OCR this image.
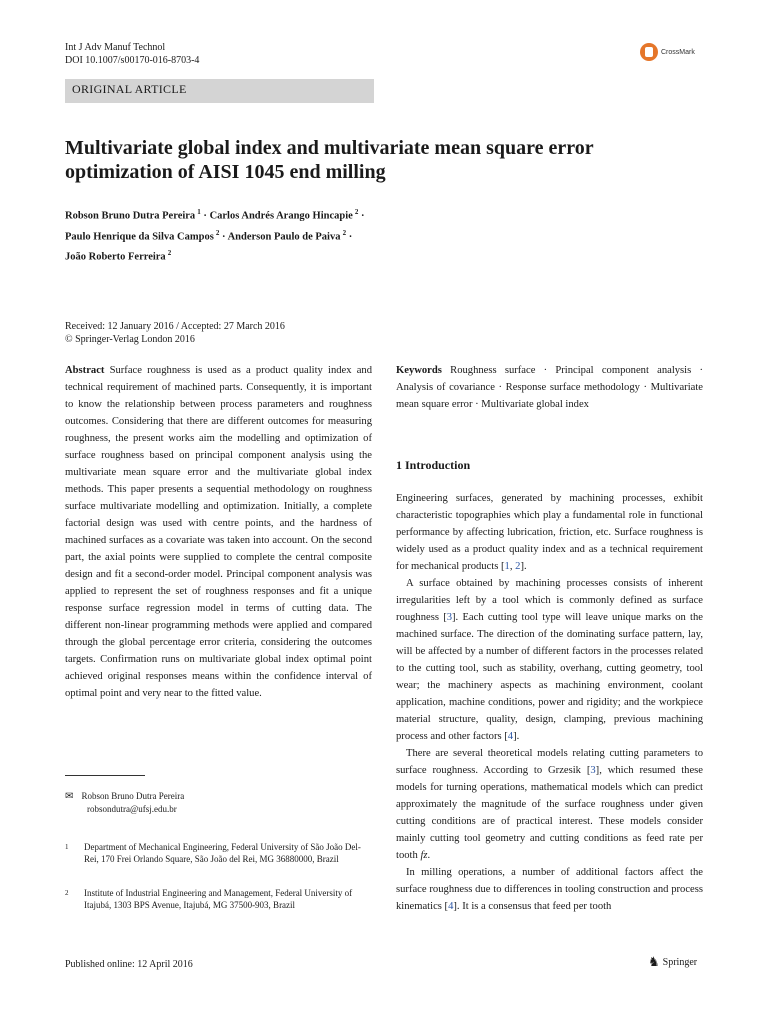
Int J Adv Manuf Technol
DOI 10.1007/s00170-016-8703-4
CrossMark
ORIGINAL ARTICLE
Multivariate global index and multivariate mean square error optimization of AISI 1045 end milling
Robson Bruno Dutra Pereira  $^1$ · Carlos Andrés Arango Hincapie  $^2$ ·
Paulo Henrique da Silva Campos  $^2$ · Anderson Paulo de Paiva  $^2$ ·
João Roberto Ferreira  $^2$
Received: 12 January 2016 / Accepted: 27 March 2016
© Springer-Verlag London 2016

Abstract Surface roughness is used as a product quality index and technical requirement of machined parts. Consequently, it is important to know the relationship between process parameters and roughness outcomes. Considering that there are different outcomes for measuring roughness, the present works aim the modelling and optimization of surface roughness based on principal component analysis using the multivariate mean square error and the multivariate global index methods. This paper presents a sequential methodology on roughness surface multivariate modelling and optimization. Initially, a complete factorial design was used with centre points, and the hardness of machined surfaces as a covariate was taken into account. On the second part, the axial points were supplied to complete the central composite design and fit a second-order model. Principal component analysis was applied to represent the set of roughness responses and fit a unique response surface regression model in terms of cutting data. The different non-linear programming methods were applied and compared through the global percentage error criteria, considering the outcomes targets. Confirmation runs on multivariate global index optimal point achieved original responses means within the confidence interval of optimal point and very near to the fitted value.

Keywords Roughness surface · Principal component analysis · Analysis of covariance · Response surface methodology · Multivariate mean square error · Multivariate global index

1 Introduction

Engineering surfaces, generated by machining processes, exhibit characteristic topographies which play a fundamental role in functional performance by affecting lubrication, friction, etc. Surface roughness is widely used as a product quality index and as a technical requirement for mechanical products [1, 2].

A surface obtained by machining processes consists of inherent irregularities left by a tool which is commonly defined as surface roughness [3]. Each cutting tool type will leave unique marks on the machined surface. The direction of the dominating surface pattern, lay, will be affected by a number of different factors in the processes related to the cutting tool, such as stability, overhang, cutting geometry, tool wear; the machinery aspects as machining environment, coolant application, machine conditions, power and rigidity; and the workpiece material structure, quality, design, clamping, previous machining process and other factors [4].

There are several theoretical models relating cutting parameters to surface roughness. According to Grzesik [3], which resumed these models for turning operations, mathematical models which can predict approximately the magnitude of the surface roughness under given cutting conditions are of practical interest. These models consider mainly cutting tool geometry and cutting conditions as feed rate per tooth fz.

In milling operations, a number of additional factors affect the surface roughness due to differences in tooling construction and process kinematics [4]. It is a consensus that feed per tooth

✉ Robson Bruno Dutra Pereira
robsondutra@ufsj.edu.br
1 Department of Mechanical Engineering, Federal University of São João Del-Rei, 170 Frei Orlando Square, São João del Rei, MG 36880000, Brazil
2 Institute of Industrial Engineering and Management, Federal University of Itajubá, 1303 BPS Avenue, Itajubá, MG 37500-903, Brazil
Published online: 12 April 2016	♞ Springer
